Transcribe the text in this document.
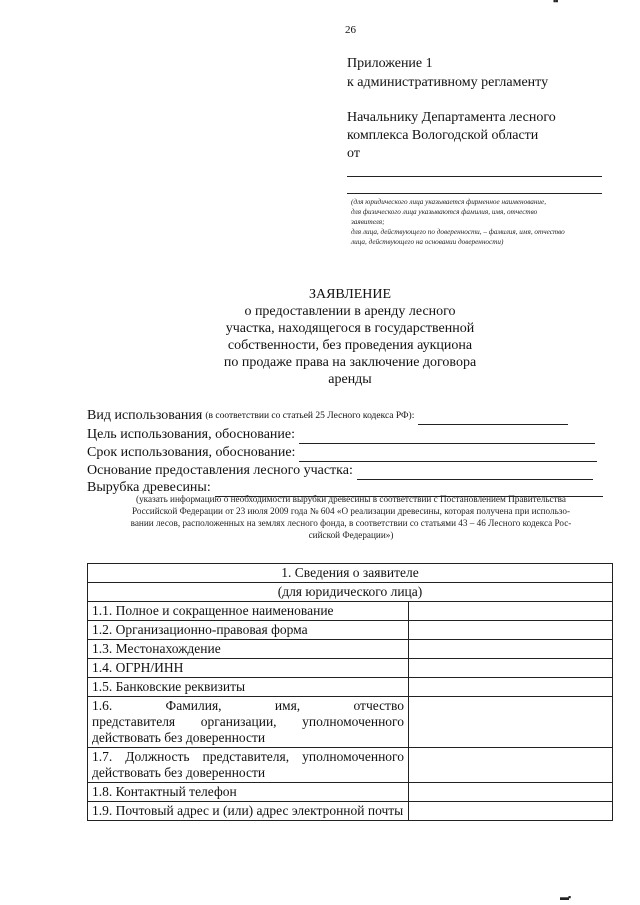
26
▪▪
▬▪
Приложение 1
к административному регламенту
Начальнику Департамента лесного
комплекса Вологодской области
от
(для юридического лица указывается фирменное наименование,
для физического лица указываются фамилия, имя, отчество
заявителя;
для лица, действующего по доверенности, – фамилия, имя, отчество
лица, действующего на основании доверенности)
ЗАЯВЛЕНИЕ
о предоставлении в аренду лесного
участка, находящегося в государственной
собственности, без проведения аукциона
по продаже права на заключение договора
аренды
Вид использования (в соответствии со статьей 25 Лесного кодекса РФ):
Цель использования, обоснование:
Срок использования, обоснование:
Основание предоставления лесного участка:
Вырубка древесины:
(указать информацию о необходимости вырубки древесины в соответствии с Постановлением Правительства
Российской Федерации от 23 июля 2009 года № 604 «О реализации древесины, которая получена при использо-
вании лесов, расположенных на землях лесного фонда, в соответствии со статьями 43 – 46 Лесного кодекса Рос-
сийской Федерации»)
1. Сведения о заявителе	
(для юридического лица)	
1.1. Полное и сокращенное наименование	
1.2. Организационно-правовая форма	
1.3. Местонахождение	
1.4. ОГРН/ИНН	
1.5. Банковские реквизиты	

1.6. Фамилия, имя, отчество
представителя организации, уполномоченного действовать без доверенности	

1.7. Должность представителя, уполномоченного действовать без доверенности	
1.8. Контактный телефон	
1.9. Почтовый адрес и (или) адрес электронной почты	
